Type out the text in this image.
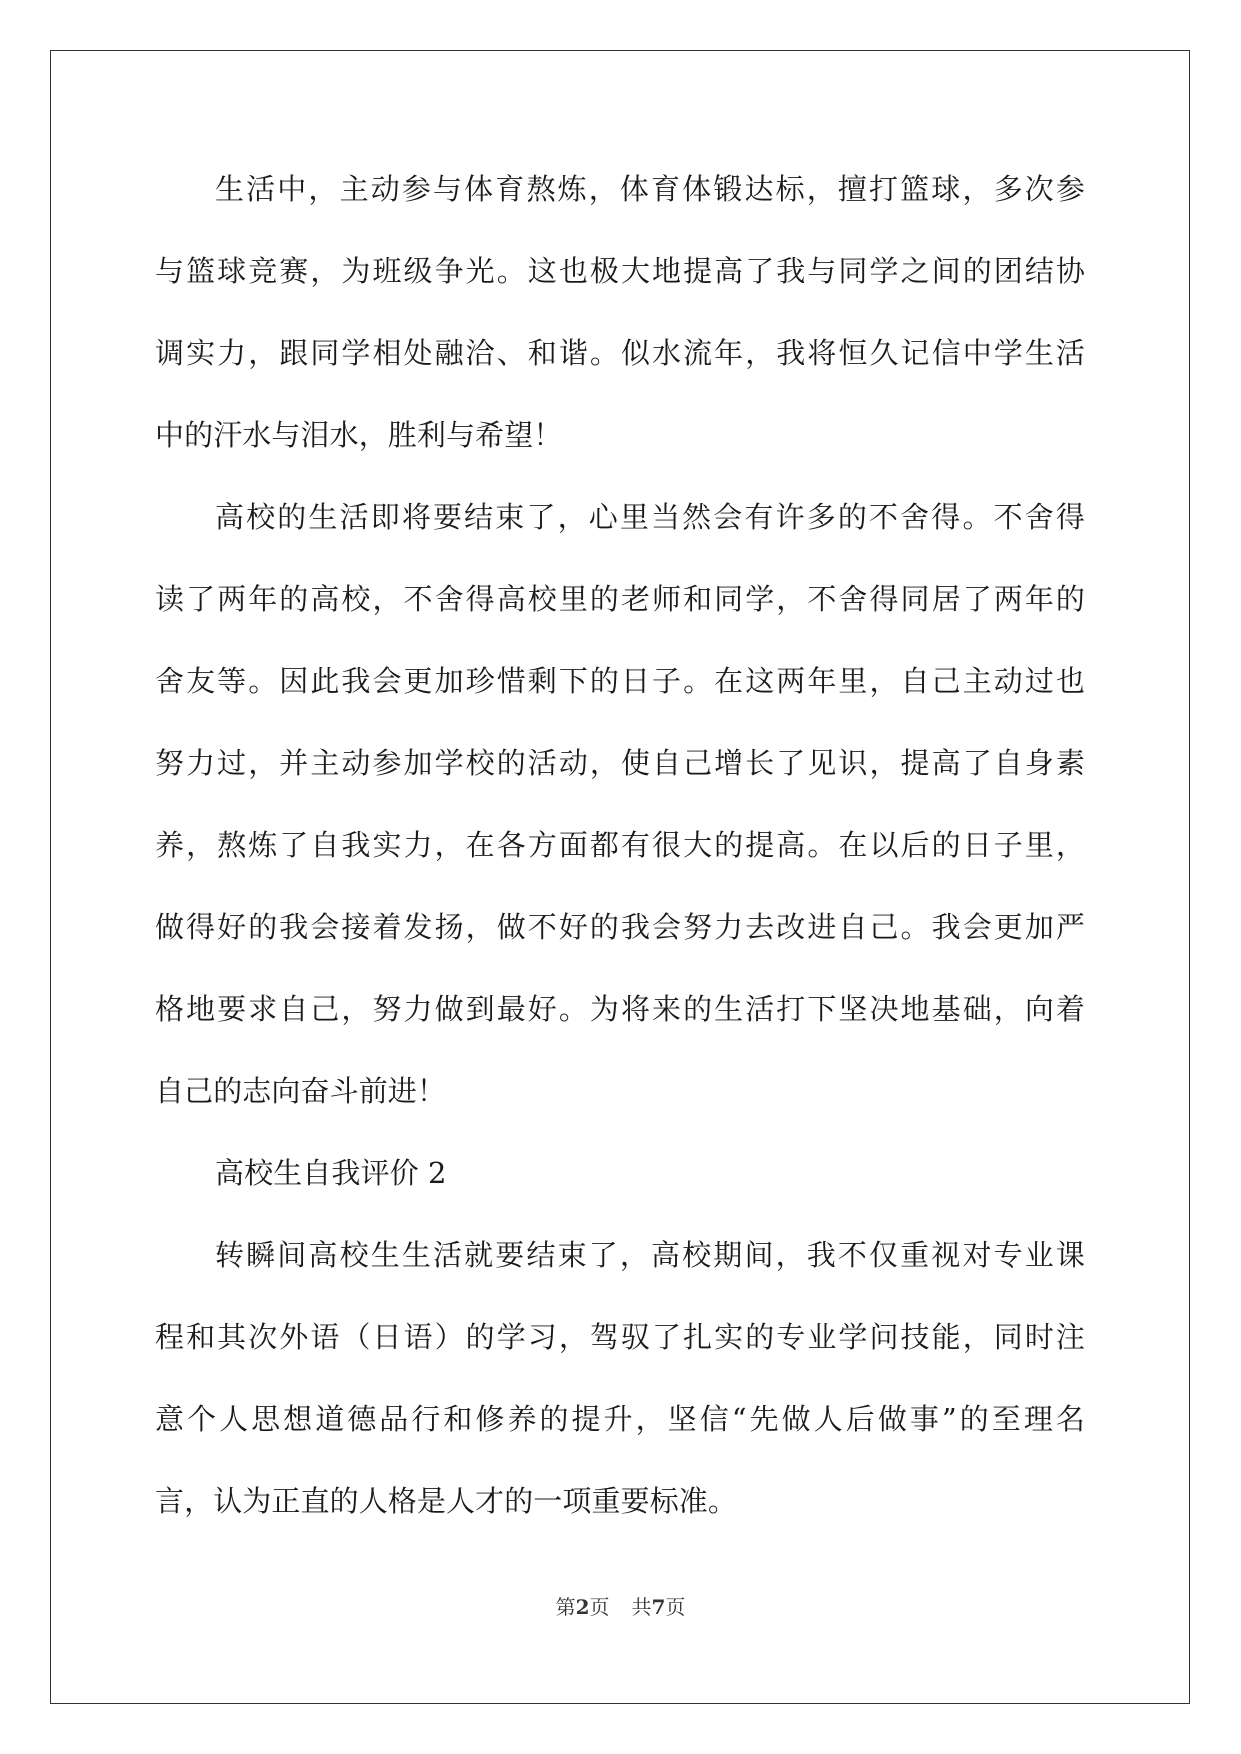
生活中，主动参与体育熬炼，体育体锻达标，擅打篮球，多次参
与篮球竞赛，为班级争光。这也极大地提高了我与同学之间的团结协
调实力，跟同学相处融洽、和谐。似水流年，我将恒久记信中学生活
中的汗水与泪水，胜利与希望！
高校的生活即将要结束了，心里当然会有许多的不舍得。不舍得
读了两年的高校，不舍得高校里的老师和同学，不舍得同居了两年的
舍友等。因此我会更加珍惜剩下的日子。在这两年里，自己主动过也
努力过，并主动参加学校的活动，使自己增长了见识，提高了自身素
养，熬炼了自我实力，在各方面都有很大的提高。在以后的日子里，
做得好的我会接着发扬，做不好的我会努力去改进自己。我会更加严
格地要求自己，努力做到最好。为将来的生活打下坚决地基础，向着
自己的志向奋斗前进！
高校生自我评价 2
转瞬间高校生生活就要结束了，高校期间，我不仅重视对专业课
程和其次外语（日语）的学习，驾驭了扎实的专业学问技能，同时注
意个人思想道德品行和修养的提升，坚信“先做人后做事”的至理名
言，认为正直的人格是人才的一项重要标准。
第2页 共7页
